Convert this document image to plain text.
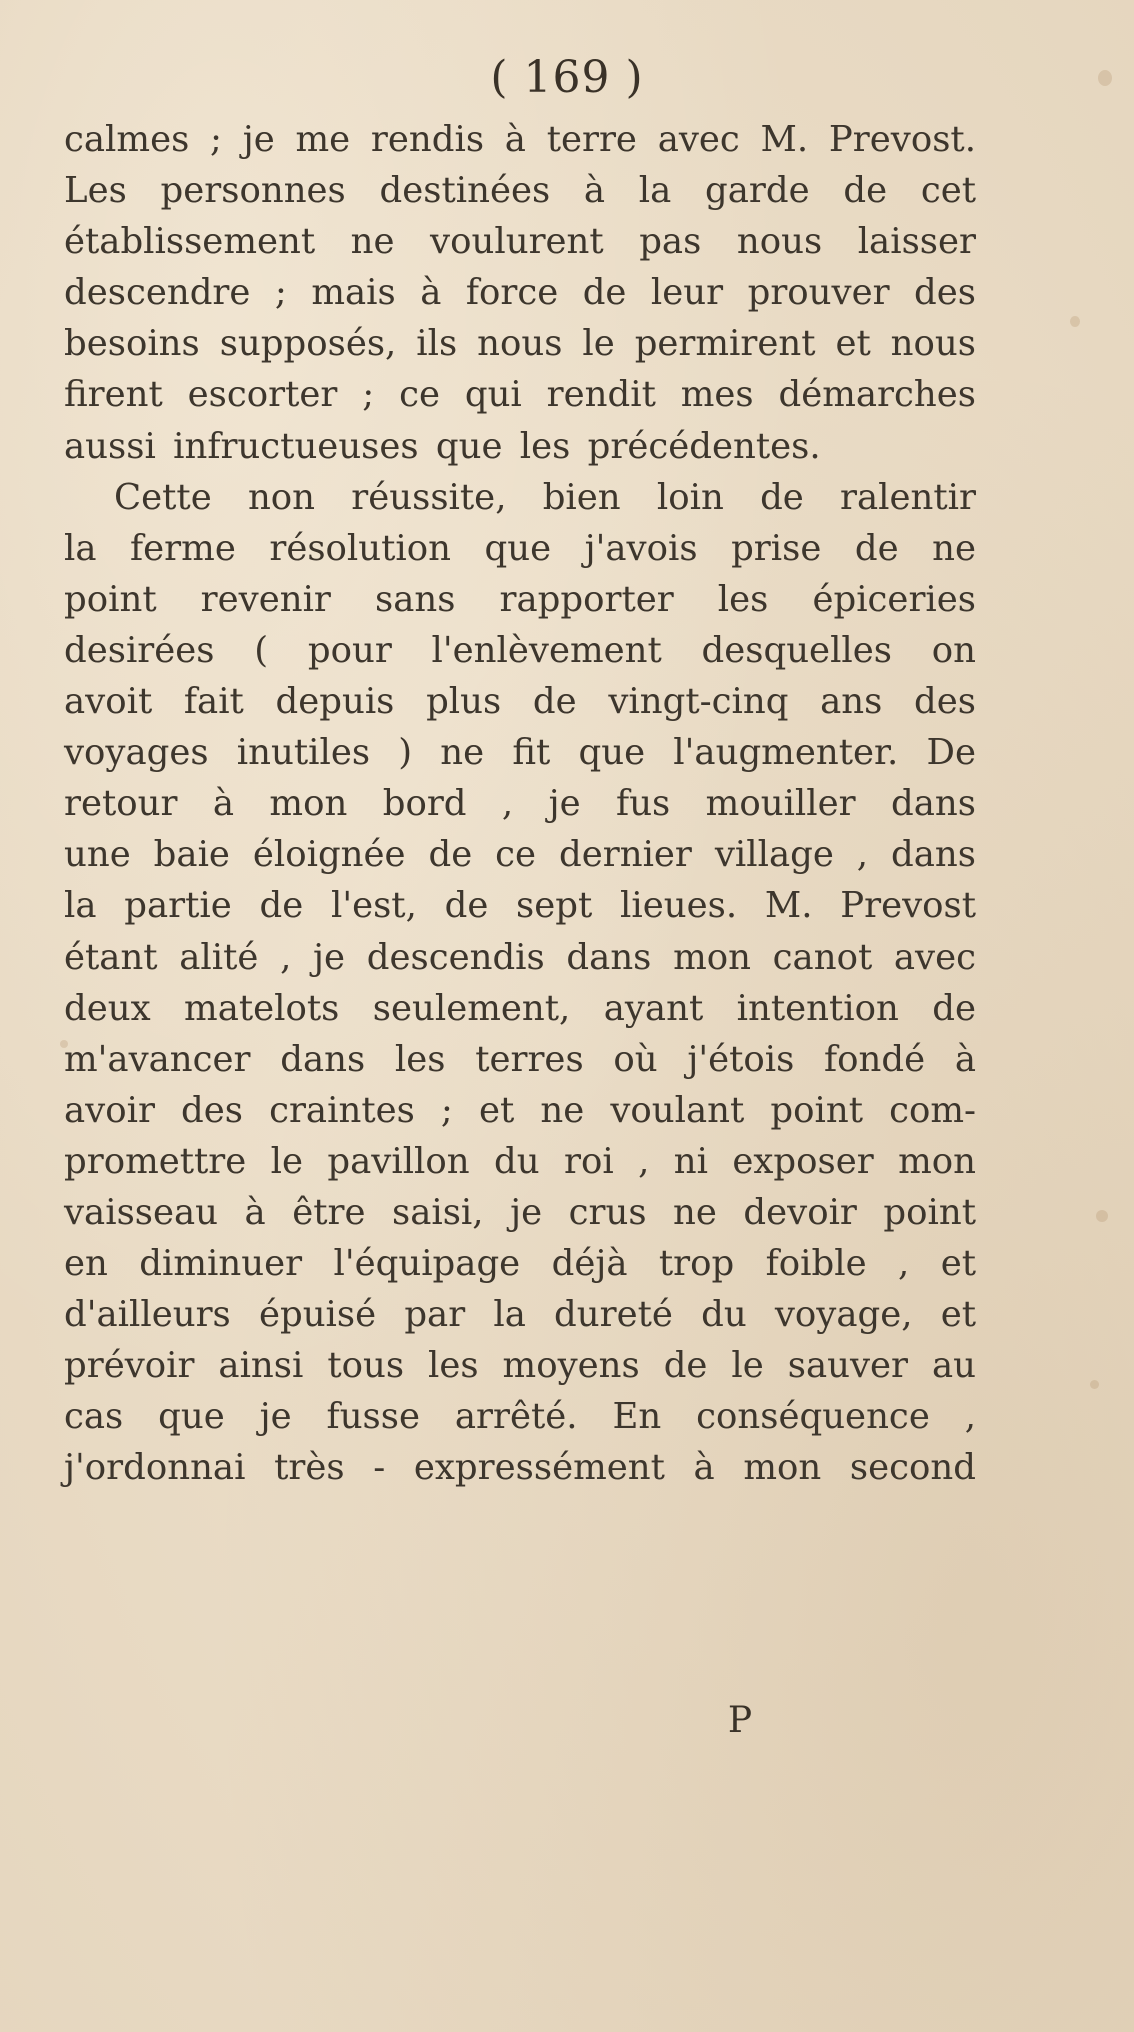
( 169 )
calmes ; je me rendis à terre avec M. Prevost.
Les personnes destinées à la garde de cet
établissement ne voulurent pas nous laisser
descendre ; mais à force de leur prouver des
besoins supposés, ils nous le permirent et nous
firent escorter ; ce qui rendit mes démarches
aussi infructueuses que les précédentes.
Cette non réussite, bien loin de ralentir
la ferme résolution que j'avois prise de ne
point revenir sans rapporter les épiceries
desirées ( pour l'enlèvement desquelles on
avoit fait depuis plus de vingt-cinq ans des
voyages inutiles ) ne fit que l'augmenter. De
retour à mon bord , je fus mouiller dans
une baie éloignée de ce dernier village , dans
la partie de l'est, de sept lieues. M. Prevost
étant alité , je descendis dans mon canot avec
deux matelots seulement, ayant intention de
m'avancer dans les terres où j'étois fondé à
avoir des craintes ; et ne voulant point com-
promettre le pavillon du roi , ni exposer mon
vaisseau à être saisi, je crus ne devoir point
en diminuer l'équipage déjà trop foible , et
d'ailleurs épuisé par la dureté du voyage, et
prévoir ainsi tous les moyens de le sauver au
cas que je fusse arrêté. En conséquence ,
j'ordonnai très - expressément à mon second
P
